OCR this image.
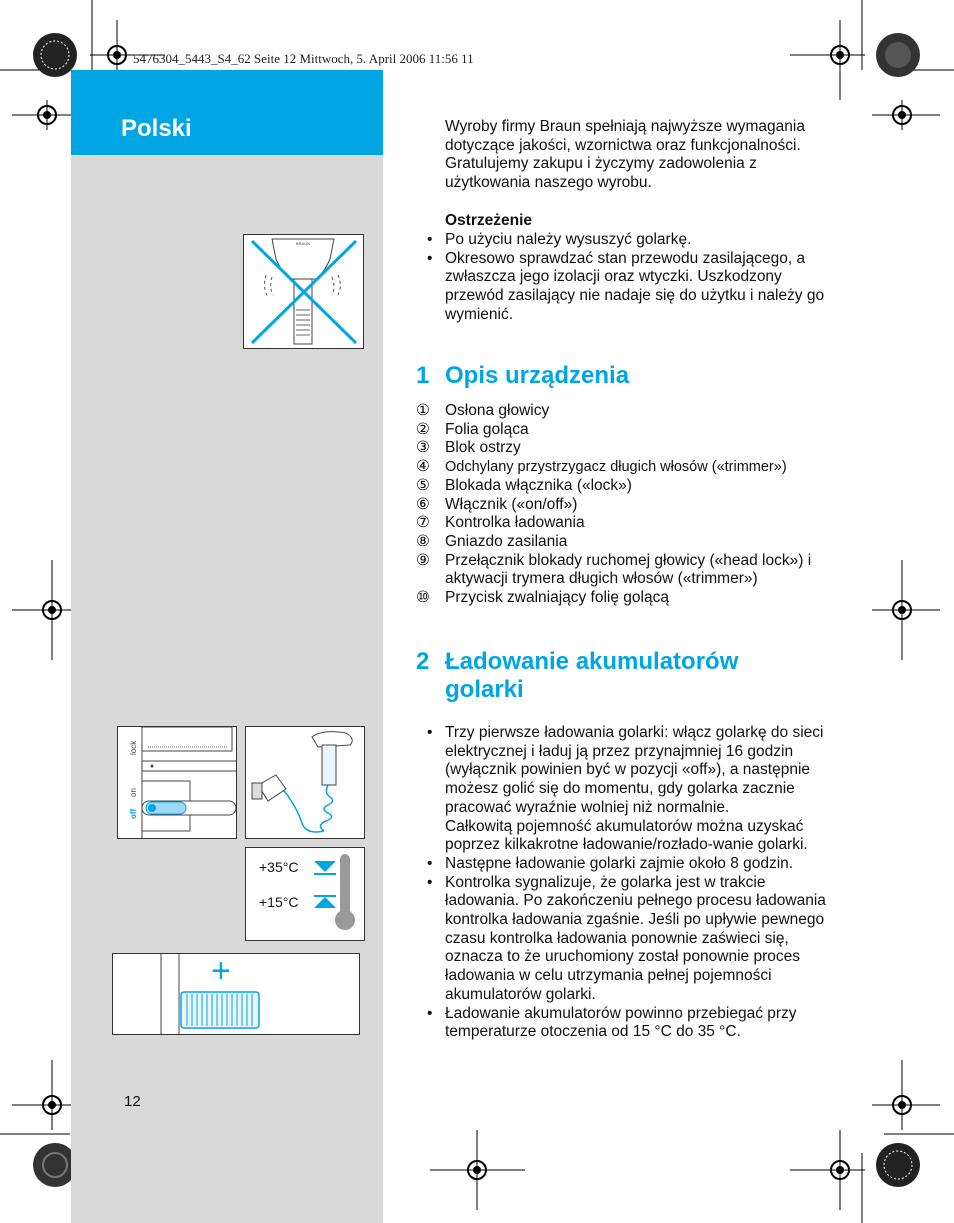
5476304_5443_S4_62 Seite 12 Mittwoch, 5. April 2006 11:56 11
Polski
BRAUN
lock
on
off
+35°C
+15°C
+
12
Wyroby firmy Braun spełniają najwyższe wymagania dotyczące jakości, wzornictwa oraz funkcjonalności. Gratulujemy zakupu i życzymy zadowolenia z użytkowania naszego wyrobu.
Ostrzeżenie
• Po użyciu należy wysuszyć golarkę.
• Okresowo sprawdzać stan przewodu zasilającego, a zwłaszcza jego izolacji oraz wtyczki. Uszkodzony przewód zasilający nie nadaje się do użytku i należy go wymienić.
1 Opis urządzenia
① Osłona głowicy
② Folia goląca
③ Blok ostrzy
④	Odchylany przystrzygacz długich włosów («trimmer»)
⑤ Blokada włącznika («lock»)
⑥ Włącznik («on/off»)
⑦ Kontrolka ładowania
⑧ Gniazdo zasilania
⑨ Przełącznik blokady ruchomej głowicy («head lock») i aktywacji trymera długich włosów («trimmer»)
⑩ Przycisk zwalniający folię golącą
2 Ładowanie akumulatorów golarki
• Trzy pierwsze ładowania golarki: włącz golarkę do sieci elektrycznej i ładuj ją przez przynajmniej 16 godzin (wyłącznik powinien być w pozycji «off»), a następnie możesz golić się do momentu, gdy golarka zacznie pracować wyraźnie wolniej niż normalnie.
Całkowitą pojemność akumulatorów można uzyskać poprzez kilkakrotne ładowanie/rozłado-wanie golarki.
• Następne ładowanie golarki zajmie około 8 godzin.
• Kontrolka sygnalizuje, że golarka jest w trakcie ładowania. Po zakończeniu pełnego procesu ładowania kontrolka ładowania zgaśnie. Jeśli po upływie pewnego czasu kontrolka ładowania ponownie zaświeci się, oznacza to że uruchomiony został ponownie proces ładowania w celu utrzymania pełnej pojemności akumulatorów golarki.
• Ładowanie akumulatorów powinno przebiegać przy temperaturze otoczenia od 15 °C do 35 °C.
